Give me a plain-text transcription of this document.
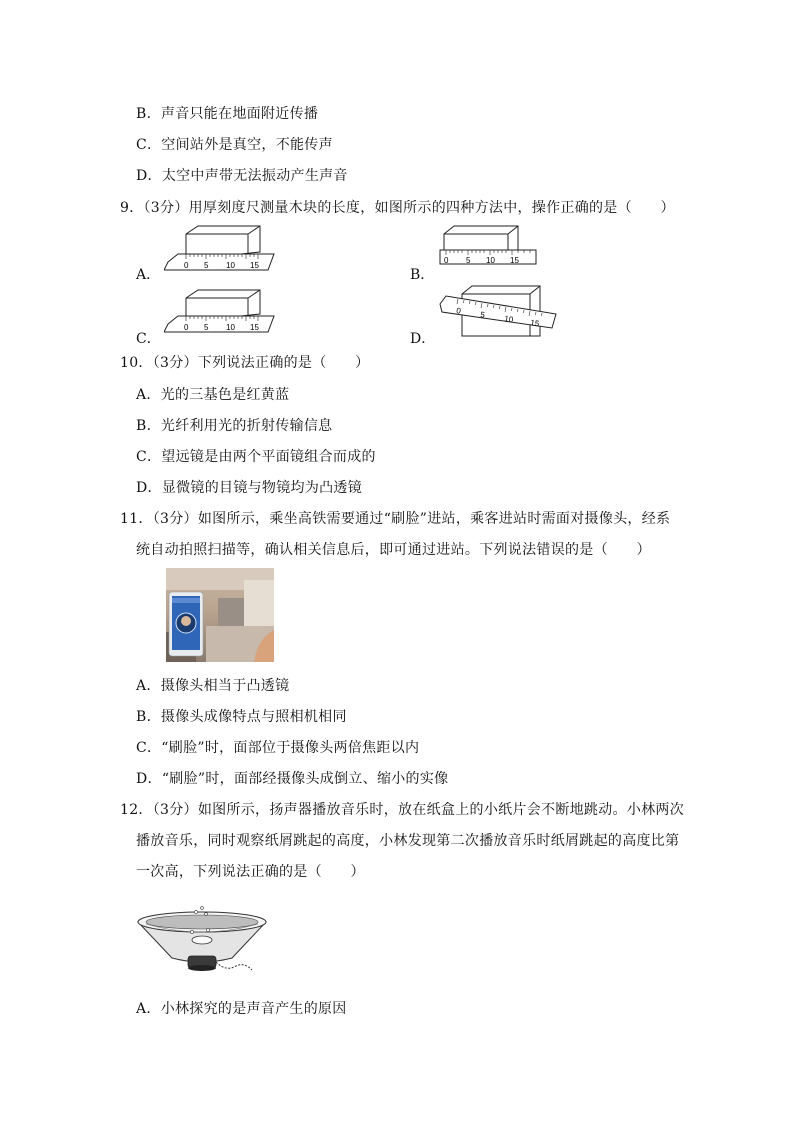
B．声音只能在地面附近传播
C．空间站外是真空，不能传声
D．太空中声带无法振动产生声音
9．（3分）用厚刻度尺测量木块的长度，如图所示的四种方法中，操作正确的是（　　）
A．	B．
C．	D．
0 5 10 15
0 5 10 15
0 5 10 15
0 5 10 15
10．（3分）下列说法正确的是（　　）
A．光的三基色是红黄蓝
B．光纤利用光的折射传输信息
C．望远镜是由两个平面镜组合而成的
D．显微镜的目镜与物镜均为凸透镜
11．（3分）如图所示，乘坐高铁需要通过“刷脸”进站，乘客进站时需面对摄像头，经系
统自动拍照扫描等，确认相关信息后，即可通过进站。下列说法错误的是（　　）
A．摄像头相当于凸透镜
B．摄像头成像特点与照相机相同
C．“刷脸”时，面部位于摄像头两倍焦距以内
D．“刷脸”时，面部经摄像头成倒立、缩小的实像
12．（3分）如图所示，扬声器播放音乐时，放在纸盒上的小纸片会不断地跳动。小林两次
播放音乐，同时观察纸屑跳起的高度，小林发现第二次播放音乐时纸屑跳起的高度比第
一次高，下列说法正确的是（　　）
A．小林探究的是声音产生的原因
